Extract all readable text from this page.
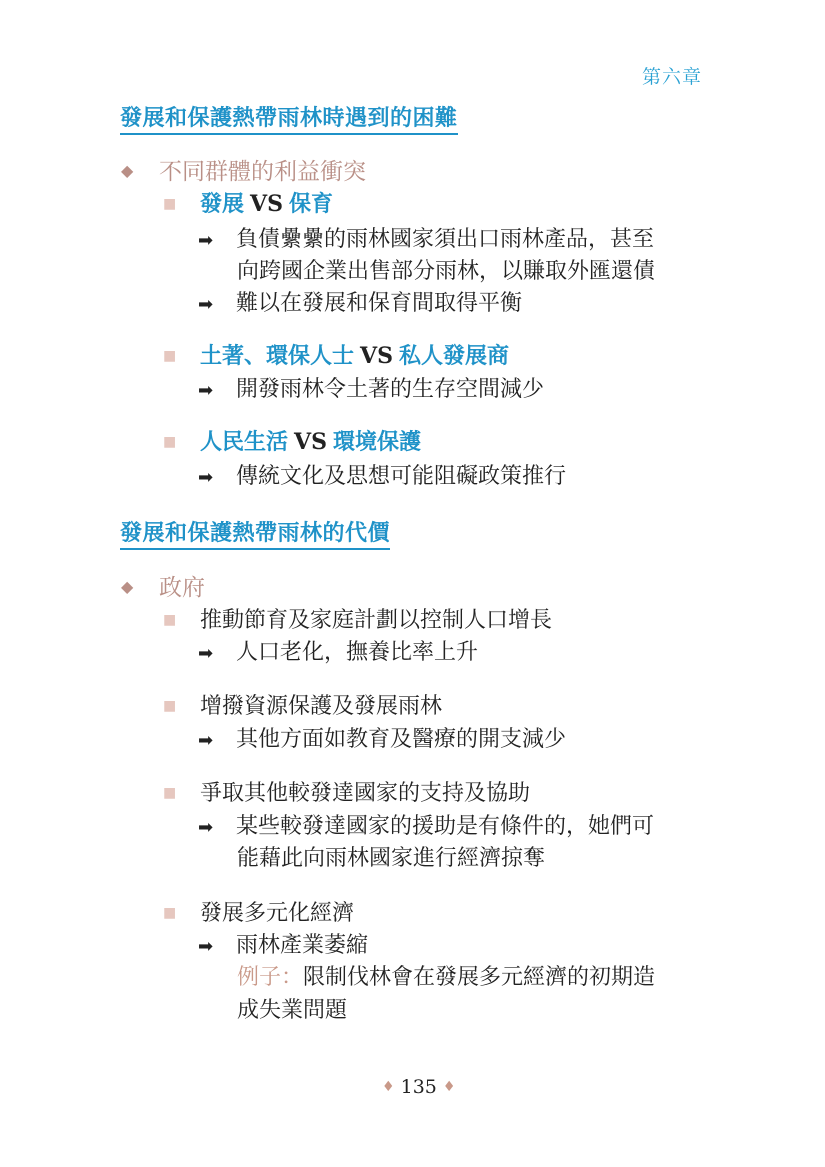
第六章
發展和保護熱帶雨林時遇到的困難
◆ 不同群體的利益衝突
■ 發展 VS 保育
➡ 負債纍纍的雨林國家須出口雨林產品，甚至
向跨國企業出售部分雨林，以賺取外匯還債
➡ 難以在發展和保育間取得平衡
■ 土著、環保人士 VS 私人發展商
➡ 開發雨林令土著的生存空間減少
■ 人民生活 VS 環境保護
➡ 傳統文化及思想可能阻礙政策推行
發展和保護熱帶雨林的代價
◆ 政府
■ 推動節育及家庭計劃以控制人口增長
➡ 人口老化，撫養比率上升
■ 增撥資源保護及發展雨林
➡ 其他方面如教育及醫療的開支減少
■ 爭取其他較發達國家的支持及協助
➡ 某些較發達國家的援助是有條件的，她們可
能藉此向雨林國家進行經濟掠奪
■ 發展多元化經濟
➡ 雨林產業萎縮
例子：限制伐林會在發展多元經濟的初期造
成失業問題
♦ 135 ♦
